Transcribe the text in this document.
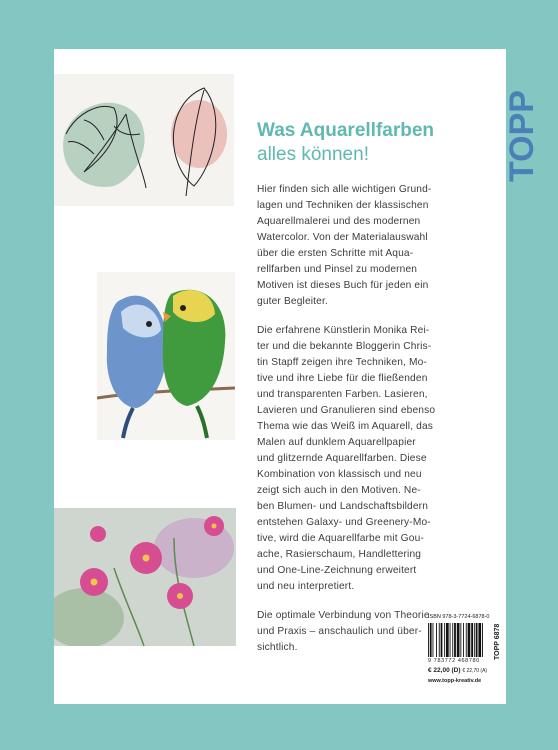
TOPP
Was Aquarellfarben
alles können!

Hier finden sich alle wichtigen Grund-
lagen und Techniken der klassischen
Aquarellmalerei und des modernen
Watercolor. Von der Materialauswahl
über die ersten Schritte mit Aqua-
rellfarben und Pinsel zu modernen
Motiven ist dieses Buch für jeden ein
guter Begleiter.

Die erfahrene Künstlerin Monika Rei-
ter und die bekannte Bloggerin Chris-
tin Stapff zeigen ihre Techniken, Mo-
tive und ihre Liebe für die fließenden
und transparenten Farben. Lasieren,
Lavieren und Granulieren sind ebenso
Thema wie das Weiß im Aquarell, das
Malen auf dunklem Aquarellpapier
und glitzernde Aquarellfarben. Diese
Kombination von klassisch und neu
zeigt sich auch in den Motiven. Ne-
ben Blumen- und Landschaftsbildern
entstehen Galaxy- und Greenery-Mo-
tive, wird die Aquarellfarbe mit Gou-
ache, Rasierschaum, Handlettering
und One-Line-Zeichnung erweitert
und neu interpretiert.

Die optimale Verbindung von Theorie
und Praxis – anschaulich und über-
sichtlich.

ISBN 978-3-7724-6878-0
9 783772 468780
€ 22,00 (D) € 22,70 (A)
www.topp-kreativ.de
TOPP 6878
